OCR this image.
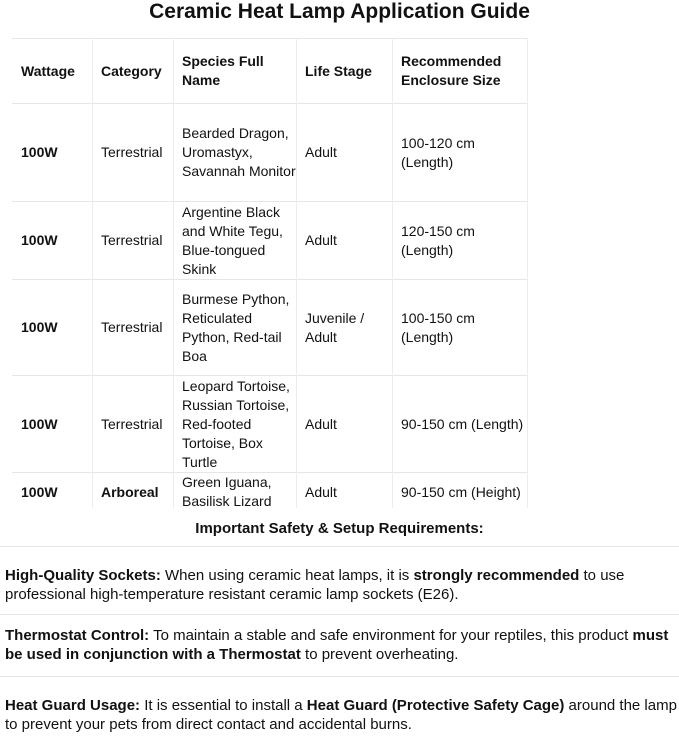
Ceramic Heat Lamp Application Guide
Wattage	Category	Species Full Name	Life Stage	Recommended Enclosure Size
100W	Terrestrial	Bearded Dragon, Uromastyx, Savannah Monitor	Adult	100-120 cm (Length)
100W	Terrestrial	Argentine Black and White Tegu, Blue-tongued Skink	Adult	120-150 cm (Length)
100W	Terrestrial	Burmese Python, Reticulated Python, Red-tail Boa	Juvenile / Adult	100-150 cm (Length)
100W	Terrestrial	Leopard Tortoise, Russian Tortoise, Red-footed Tortoise, Box Turtle	Adult	90-150 cm (Length)
100W	Arboreal	Green Iguana, Basilisk Lizard	Adult	90-150 cm (Height)
Important Safety & Setup Requirements:
High-Quality Sockets: When using ceramic heat lamps, it is strongly recommended to use professional high-temperature resistant ceramic lamp sockets (E26).
Thermostat Control: To maintain a stable and safe environment for your reptiles, this product must be used in conjunction with a Thermostat to prevent overheating.
Heat Guard Usage: It is essential to install a Heat Guard (Protective Safety Cage) around the lamp to prevent your pets from direct contact and accidental burns.
